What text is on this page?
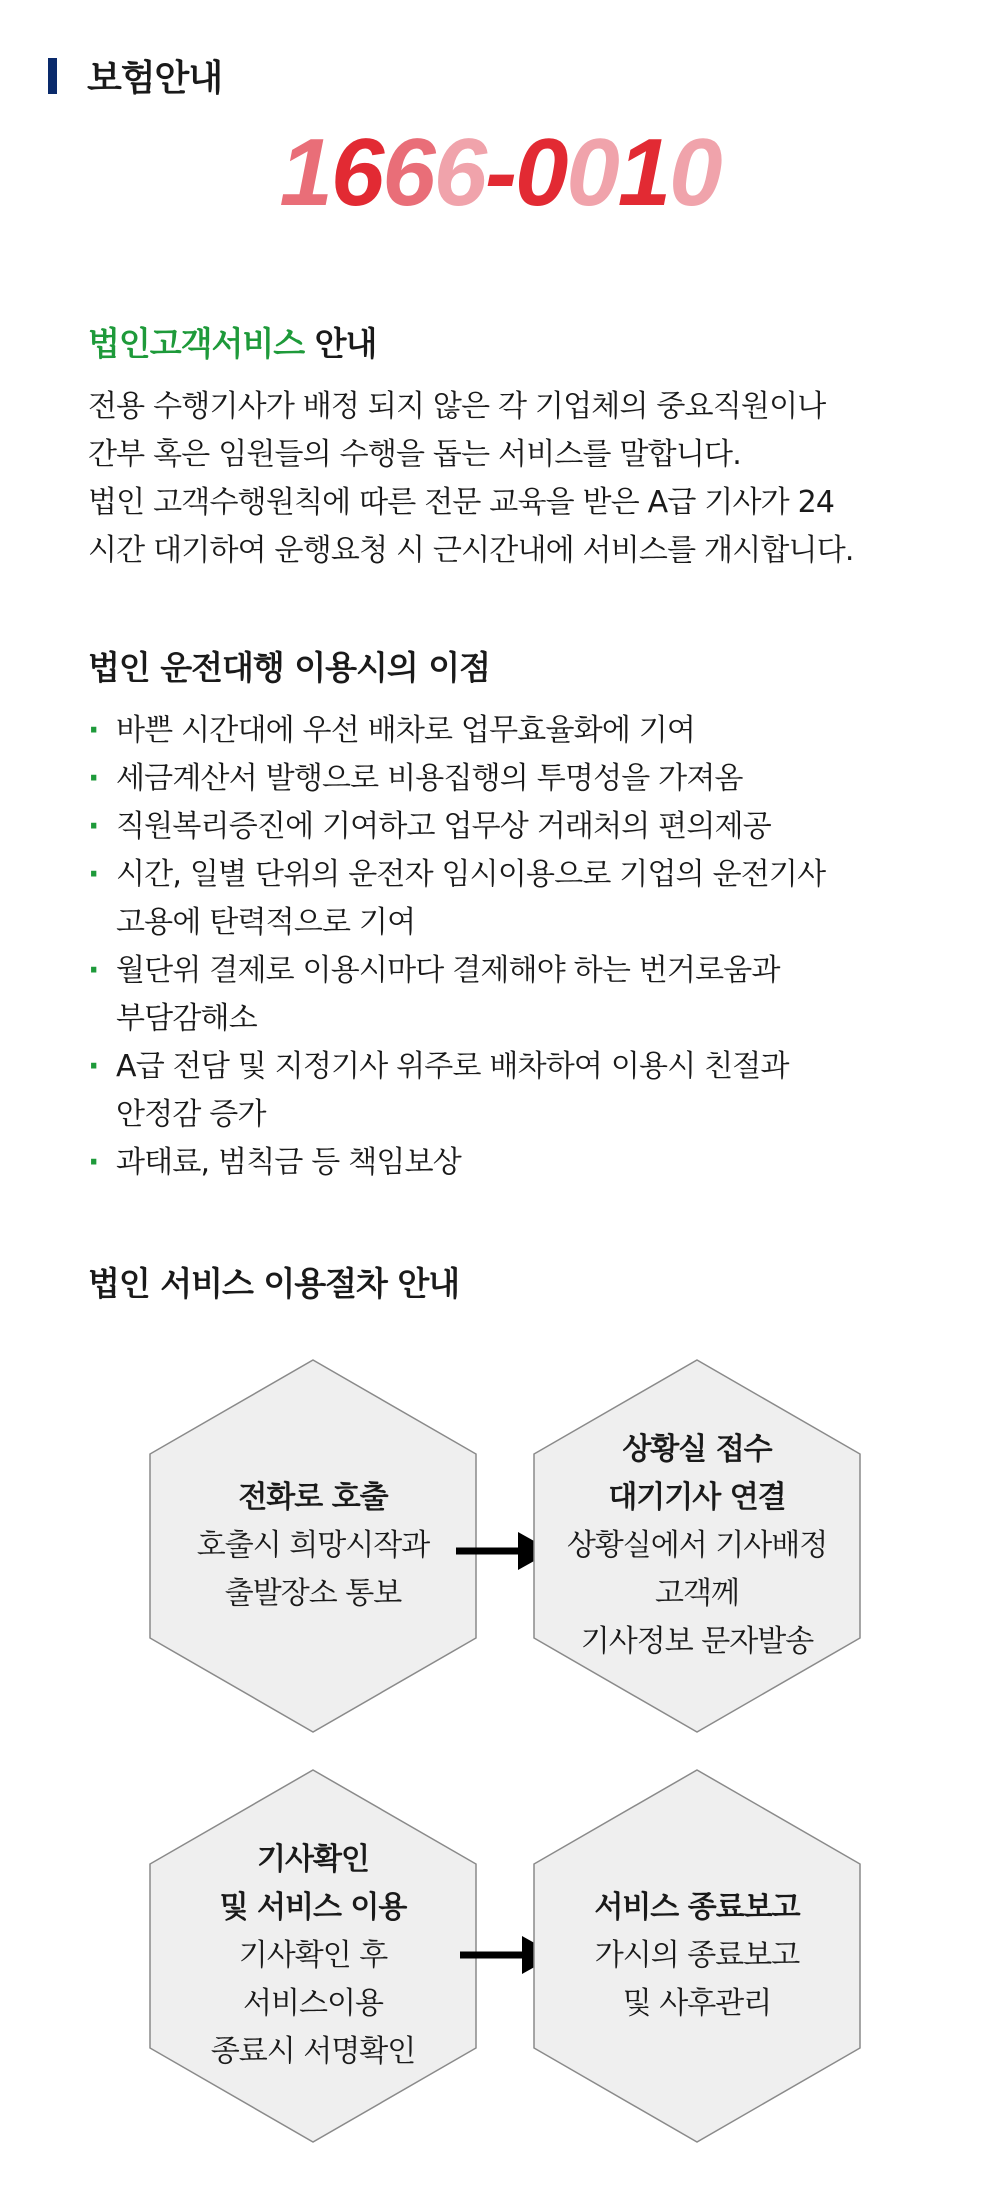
보험안내
1666-0010
법인고객서비스 안내

전용 수행기사가 배정 되지 않은 각 기업체의 중요직원이나
간부 혹은 임원들의 수행을 돕는 서비스를 말합니다.
법인 고객수행원칙에 따른 전문 교육을 받은 A급 기사가 24
시간 대기하여 운행요청 시 근시간내에 서비스를 개시합니다.

법인 운전대행 이용시의 이점
· 바쁜 시간대에 우선 배차로 업무효율화에 기여
· 세금계산서 발행으로 비용집행의 투명성을 가져옴
· 직원복리증진에 기여하고 업무상 거래처의 편의제공
· 시간, 일별 단위의 운전자 임시이용으로 기업의 운전기사
고용에 탄력적으로 기여
· 월단위 결제로 이용시마다 결제해야 하는 번거로움과
부담감해소
· A급 전담 및 지정기사 위주로 배차하여 이용시 친절과
안정감 증가
· 과태료, 범칙금 등 책임보상
법인 서비스 이용절차 안내
전화로 호출
호출시 희망시작과
출발장소 통보
상황실 접수
대기기사 연결
상황실에서 기사배정
고객께
기사정보 문자발송
기사확인
및 서비스 이용
기사확인 후
서비스이용
종료시 서명확인
서비스 종료보고
가시의 종료보고
및 사후관리
